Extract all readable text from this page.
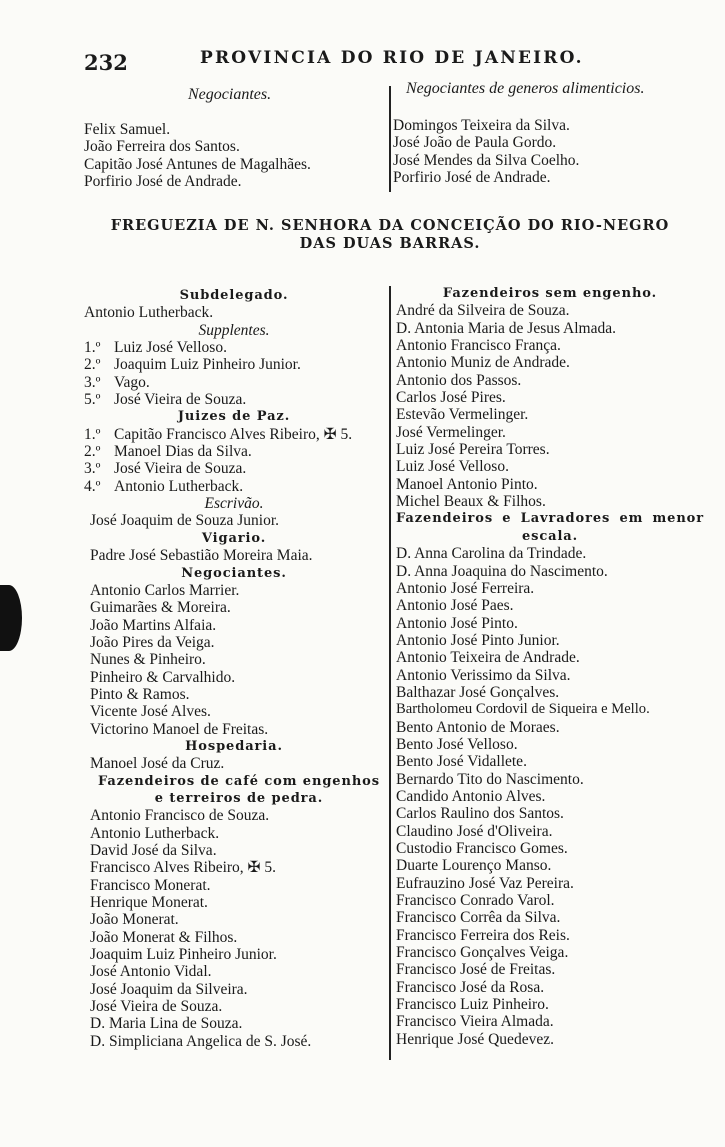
232	PROVINCIA DO RIO DE JANEIRO.
Negociantes.	Negociantes de generos alimenticios.
Felix Samuel.
João Ferreira dos Santos.
Capitão José Antunes de Magalhães.
Porfirio José de Andrade.
Domingos Teixeira da Silva.
José João de Paula Gordo.
José Mendes da Silva Coelho.
Porfirio José de Andrade.
FREGUEZIA DE N. SENHORA DA CONCEIÇÃO DO RIO-NEGRO
DAS DUAS BARRAS.
Subdelegado.
Antonio Lutherback.
Supplentes.
1.º Luiz José Velloso.
2.º Joaquim Luiz Pinheiro Junior.
3.º Vago.
5.º José Vieira de Souza.
Juizes de Paz.
1.º Capitão Francisco Alves Ribeiro, ✠ 5.
2.º Manoel Dias da Silva.
3.º José Vieira de Souza.
4.º Antonio Lutherback.
Escrivão.
José Joaquim de Souza Junior.
Vigario.
Padre José Sebastião Moreira Maia.
Negociantes.
Antonio Carlos Marrier.
Guimarães & Moreira.
João Martins Alfaia.
João Pires da Veiga.
Nunes & Pinheiro.
Pinheiro & Carvalhido.
Pinto & Ramos.
Vicente José Alves.
Victorino Manoel de Freitas.
Hospedaria.
Manoel José da Cruz.
Fazendeiros de café com engenhos
e terreiros de pedra.
Antonio Francisco de Souza.
Antonio Lutherback.
David José da Silva.
Francisco Alves Ribeiro, ✠ 5.
Francisco Monerat.
Henrique Monerat.
João Monerat.
João Monerat & Filhos.
Joaquim Luiz Pinheiro Junior.
José Antonio Vidal.
José Joaquim da Silveira.
José Vieira de Souza.
D. Maria Lina de Souza.
D. Simpliciana Angelica de S. José.
Fazendeiros sem engenho.
André da Silveira de Souza.
D. Antonia Maria de Jesus Almada.
Antonio Francisco França.
Antonio Muniz de Andrade.
Antonio dos Passos.
Carlos José Pires.
Estevão Vermelinger.
José Vermelinger.
Luiz José Pereira Torres.
Luiz José Velloso.
Manoel Antonio Pinto.
Michel Beaux & Filhos.
Fazendeiros e Lavradores em menor
escala.
D. Anna Carolina da Trindade.
D. Anna Joaquina do Nascimento.
Antonio José Ferreira.
Antonio José Paes.
Antonio José Pinto.
Antonio José Pinto Junior.
Antonio Teixeira de Andrade.
Antonio Verissimo da Silva.
Balthazar José Gonçalves.
Bartholomeu Cordovil de Siqueira e Mello.
Bento Antonio de Moraes.
Bento José Velloso.
Bento José Vidallete.
Bernardo Tito do Nascimento.
Candido Antonio Alves.
Carlos Raulino dos Santos.
Claudino José d'Oliveira.
Custodio Francisco Gomes.
Duarte Lourenço Manso.
Eufrauzino José Vaz Pereira.
Francisco Conrado Varol.
Francisco Corrêa da Silva.
Francisco Ferreira dos Reis.
Francisco Gonçalves Veiga.
Francisco José de Freitas.
Francisco José da Rosa.
Francisco Luiz Pinheiro.
Francisco Vieira Almada.
Henrique José Quedevez.
